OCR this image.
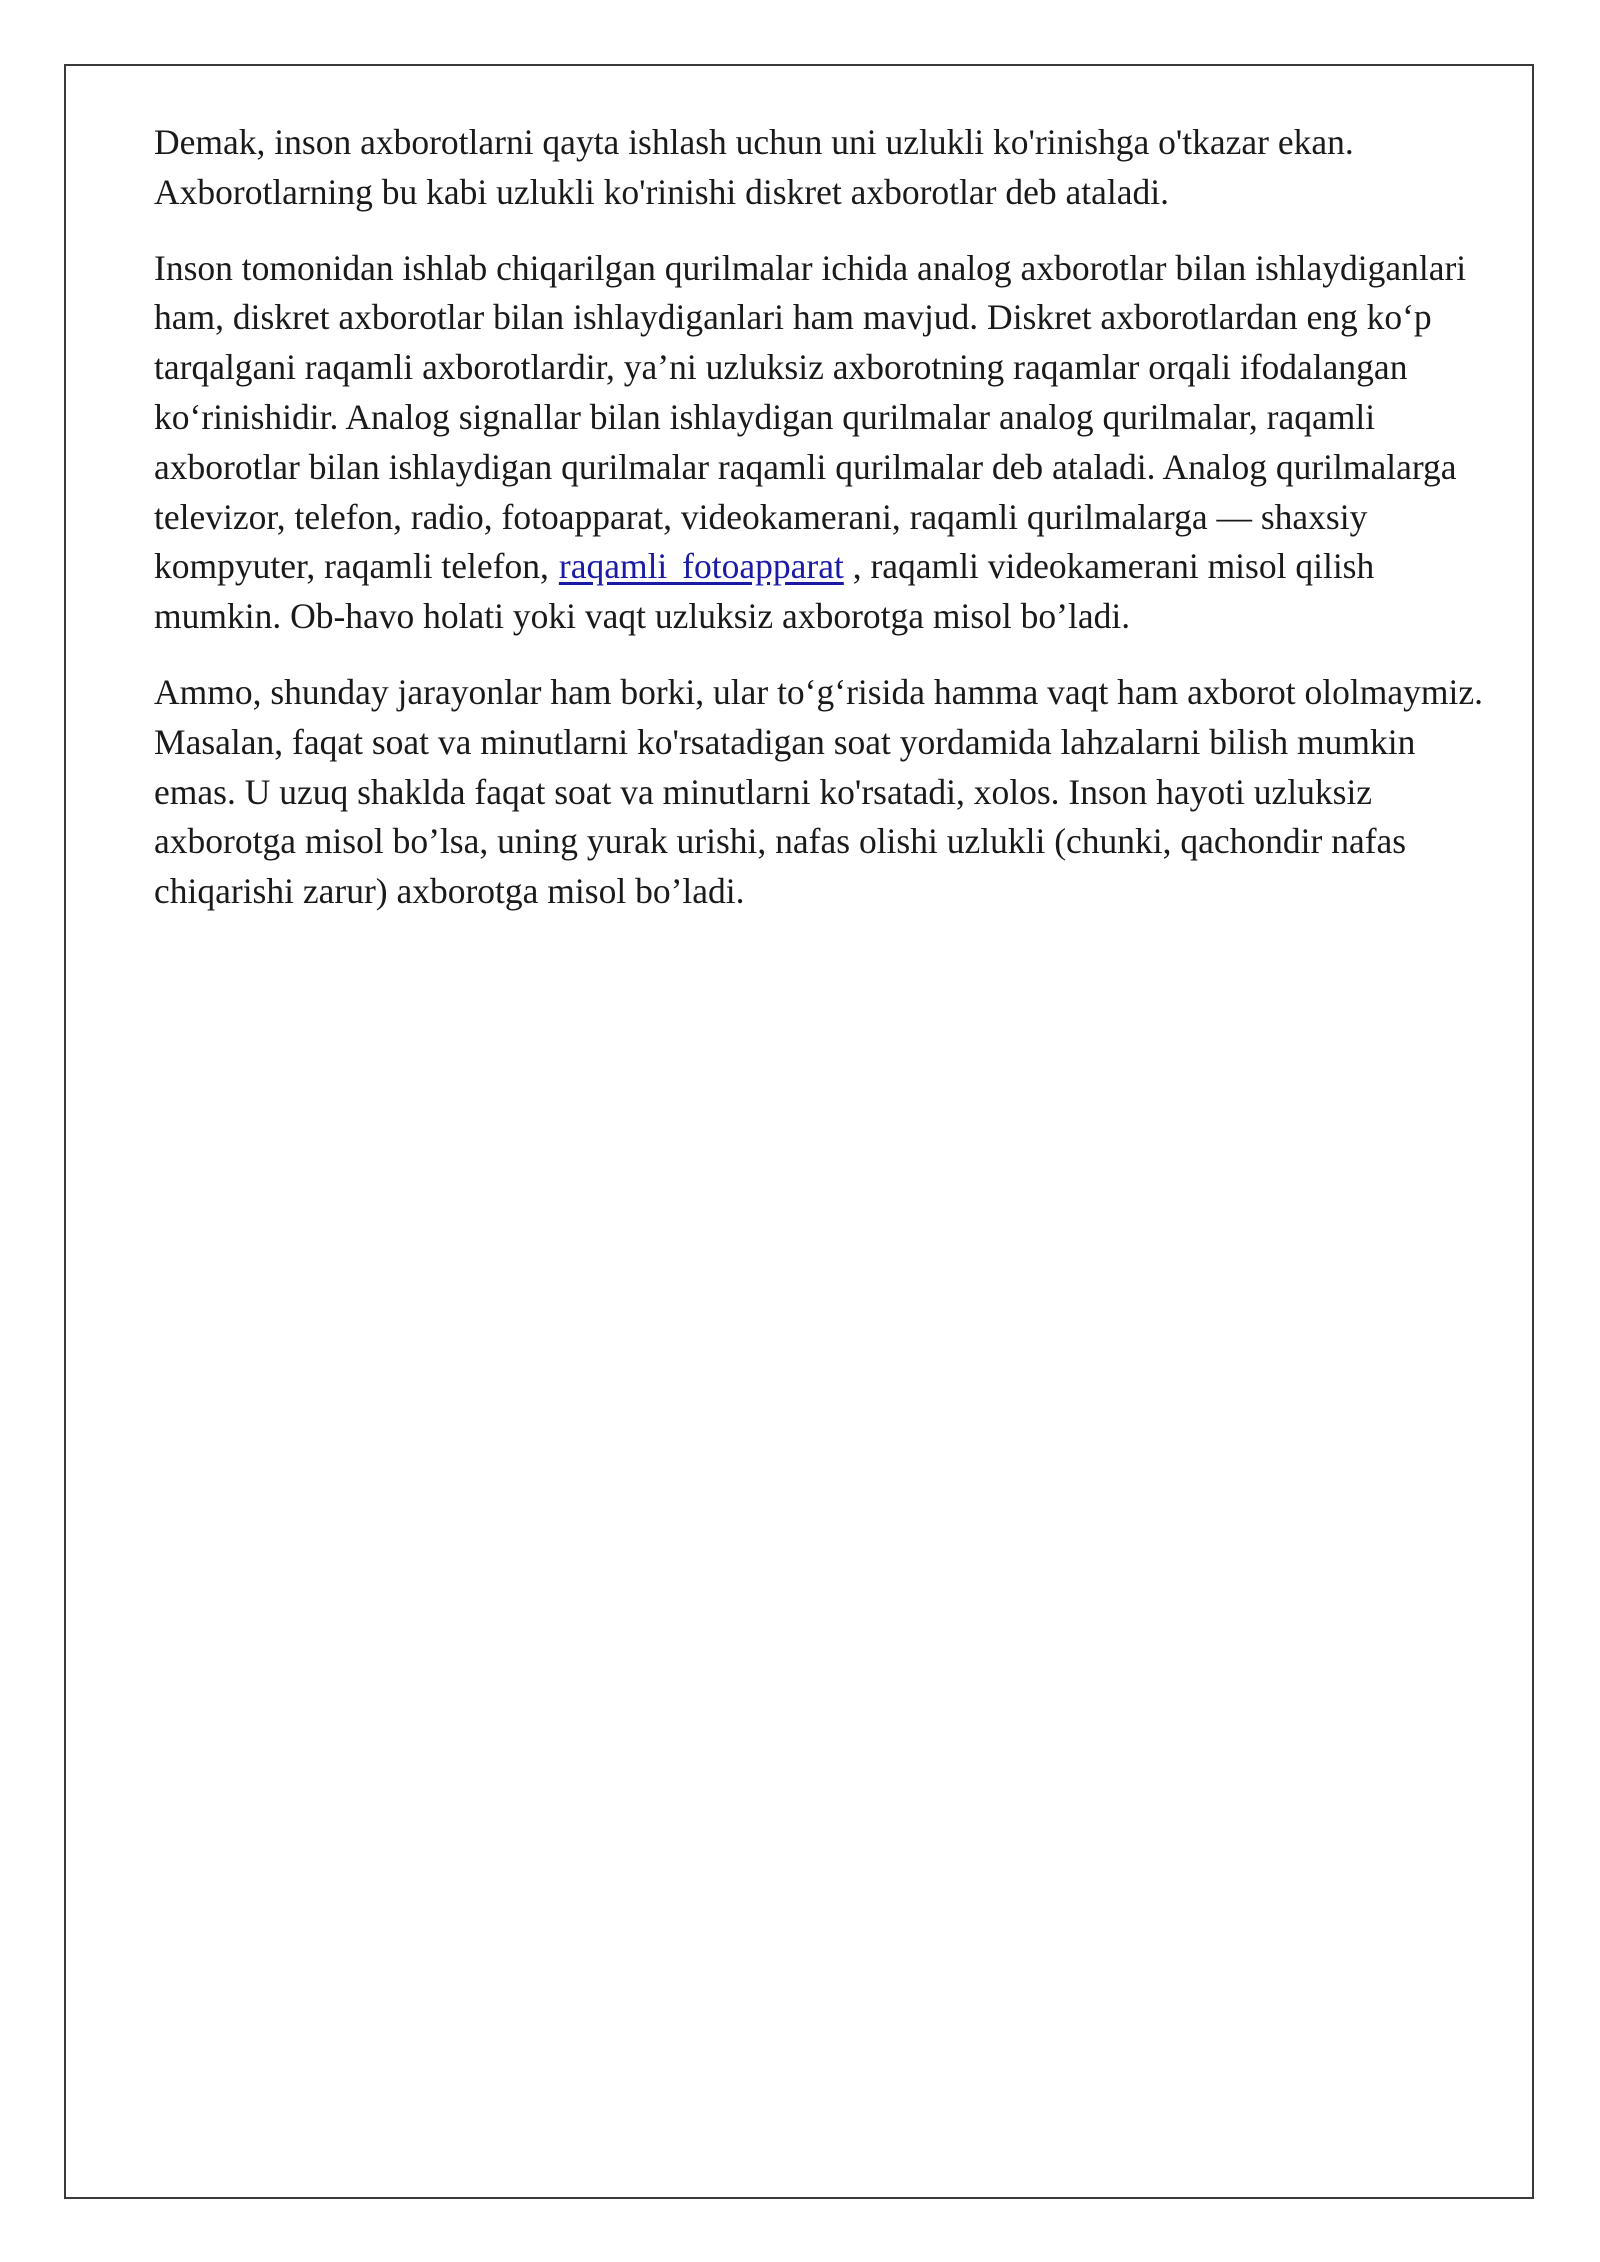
Demak, inson axborotlarni qayta ishlash uchun uni uzlukli ko'rinishga o'tkazar ekan. Axborotlarning bu kabi uzlukli ko'rinishi diskret axborotlar deb ataladi.

Inson tomonidan ishlab chiqarilgan qurilmalar ichida analog axborotlar bilan ishlaydiganlari ham, diskret axborotlar bilan ishlaydiganlari ham mavjud. Diskret axborotlardan eng ko‘p tarqalgani raqamli axborotlardir, ya’ni uzluksiz axborotning raqamlar orqali ifodalangan ko‘rinishidir. Analog signallar bilan ishlaydigan qurilmalar analog qurilmalar, raqamli axborotlar bilan ishlaydigan qurilmalar raqamli qurilmalar deb ataladi. Analog qurilmalarga televizor, telefon, radio, fotoapparat, videokamerani, raqamli qurilmalarga — shaxsiy kompyuter, raqamli telefon, raqamli fotoapparat , raqamli videokamerani misol qilish mumkin. Ob-havo holati yoki vaqt uzluksiz axborotga misol bo’ladi.

Ammo, shunday jarayonlar ham borki, ular to‘g‘risida hamma vaqt ham axborot ololmaymiz. Masalan, faqat soat va minutlarni ko'rsatadigan soat yordamida lahzalarni bilish mumkin emas. U uzuq shaklda faqat soat va minutlarni ko'rsatadi, xolos. Inson hayoti uzluksiz axborotga misol bo’lsa, uning yurak urishi, nafas olishi uzlukli (chunki, qachondir nafas chiqarishi zarur) axborotga misol bo’ladi.
